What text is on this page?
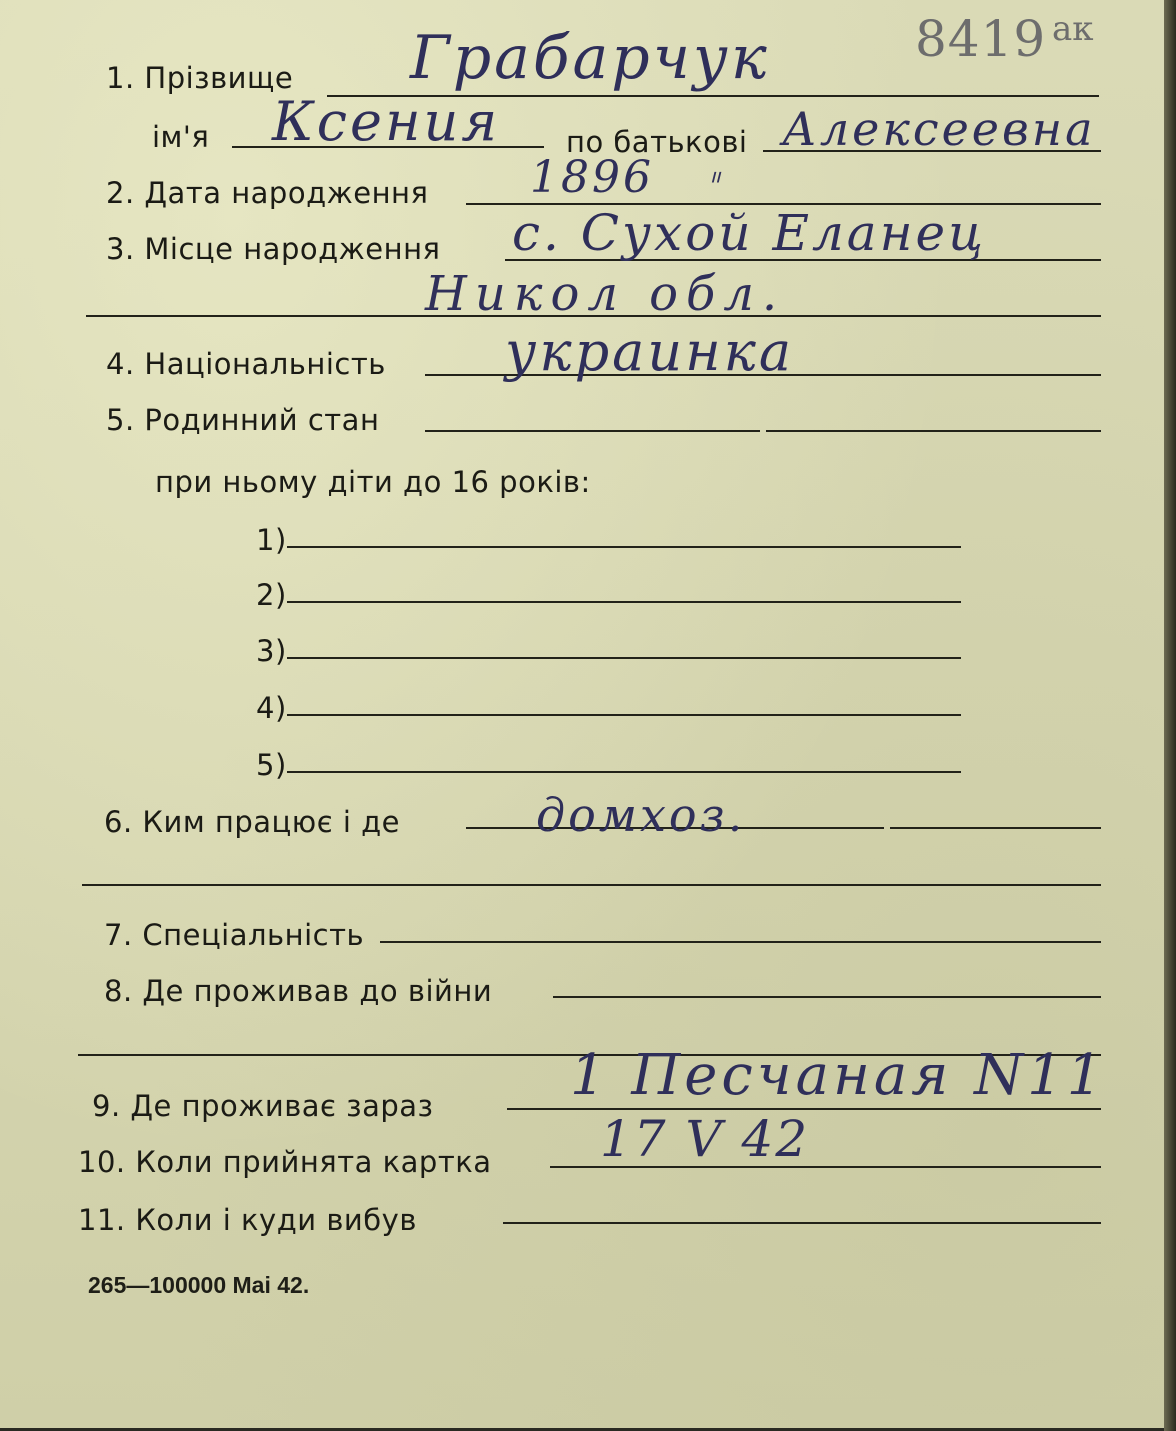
8419 ак
1. Прізвище Грабарчук
ім'я Ксения по батькові Алексеевна
2. Дата народження 1896 ᐦ
3. Місце народження с. Сухой Еланец
Никол обл.
4. Національність украинка
5. Родинний стан
при ньому діти до 16 років:
1)
2)
3)
4)
5)
6. Ким працює і де	домхоз.
7. Спеціальність
8. Де проживав до війни
9. Де проживає зараз 1 Песчаная N11
10. Коли прийнята картка 17 V 42
11. Коли і куди вибув
265—100000 Mai 42.
